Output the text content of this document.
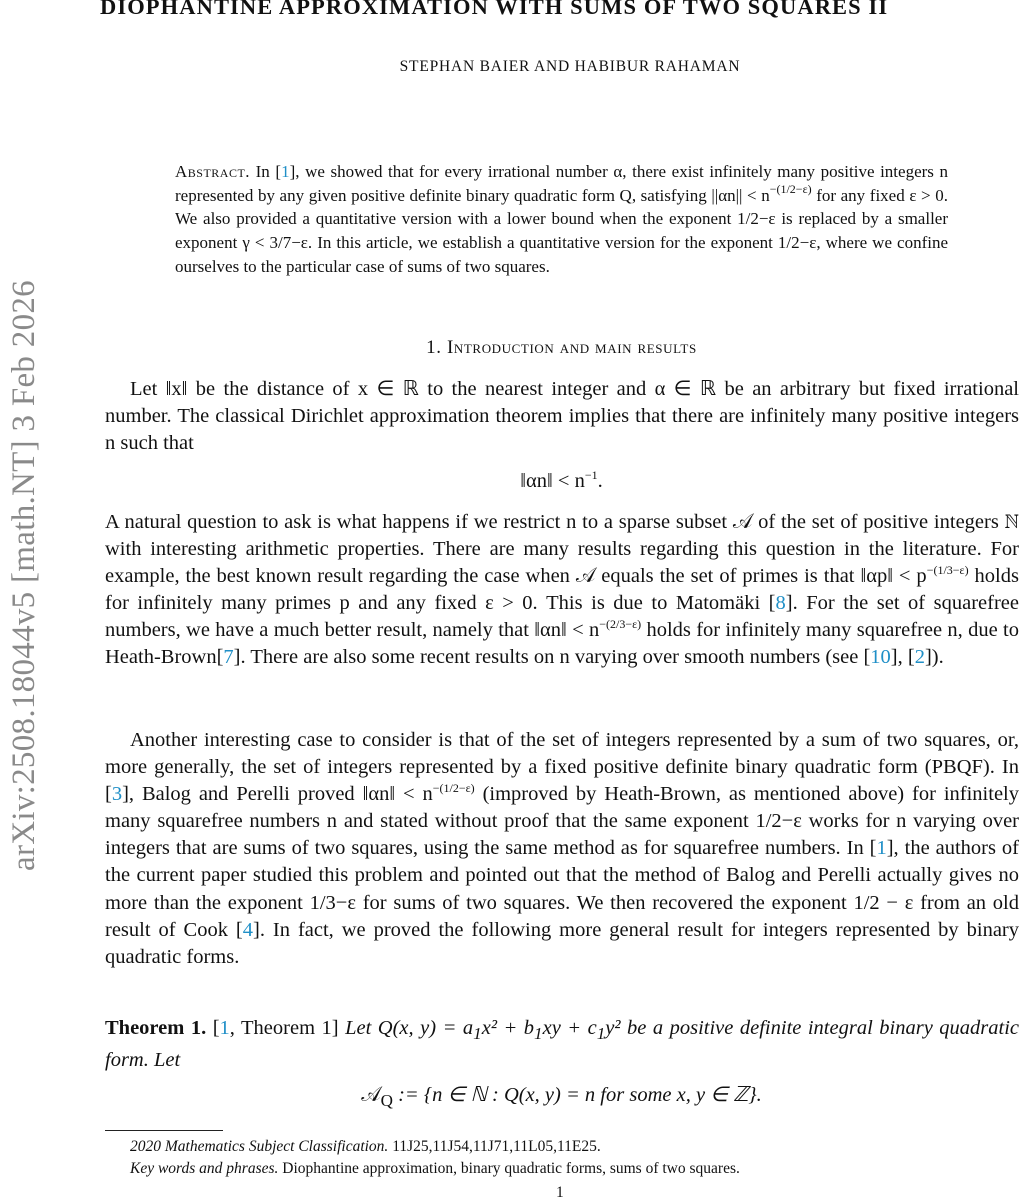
arXiv:2508.18044v5 [math.NT] 3 Feb 2026
DIOPHANTINE APPROXIMATION WITH SUMS OF TWO SQUARES II
STEPHAN BAIER AND HABIBUR RAHAMAN
Abstract. In [1], we showed that for every irrational number α, there exist infinitely many positive integers n represented by any given positive definite binary quadratic form Q, satisfying $||\alpha n|| < n^{-(1/2-\varepsilon)}$ for any fixed ε > 0. We also provided a quantitative version with a lower bound when the exponent 1/2−ε is replaced by a smaller exponent γ < 3/7−ε. In this article, we establish a quantitative version for the exponent 1/2−ε, where we confine ourselves to the particular case of sums of two squares.
1. Introduction and main results
Let ‖x‖ be the distance of x ∈ ℝ to the nearest integer and α ∈ ℝ be an arbitrary but fixed irrational number. The classical Dirichlet approximation theorem implies that there are infinitely many positive integers n such that
‖αn‖ < $n^{-1}$.
A natural question to ask is what happens if we restrict n to a sparse subset 𝒜 of the set of positive integers ℕ with interesting arithmetic properties. There are many results regarding this question in the literature. For example, the best known result regarding the case when 𝒜 equals the set of primes is that ‖αp‖ < $p^{-(1/3-\varepsilon)}$ holds for infinitely many primes p and any fixed ε > 0. This is due to Matomäki [8]. For the set of squarefree numbers, we have a much better result, namely that ‖αn‖ < $n^{-(2/3-\varepsilon)}$ holds for infinitely many squarefree n, due to Heath-Brown[7]. There are also some recent results on n varying over smooth numbers (see [10], [2]).
Another interesting case to consider is that of the set of integers represented by a sum of two squares, or, more generally, the set of integers represented by a fixed positive definite binary quadratic form (PBQF). In [3], Balog and Perelli proved ‖αn‖ < $n^{-(1/2-\varepsilon)}$ (improved by Heath-Brown, as mentioned above) for infinitely many squarefree numbers n and stated without proof that the same exponent 1/2−ε works for n varying over integers that are sums of two squares, using the same method as for squarefree numbers. In [1], the authors of the current paper studied this problem and pointed out that the method of Balog and Perelli actually gives no more than the exponent 1/3−ε for sums of two squares. We then recovered the exponent 1/2 − ε from an old result of Cook [4]. In fact, we proved the following more general result for integers represented by binary quadratic forms.
Theorem 1. [1, Theorem 1] Let Q(x, $y) = a_1x^2 + b_1xy + c_1y^2$ be a positive definite integral binary quadratic form. Let
𝒜$_Q$ := {n ∈ ℕ : Q(x, y) = n for some x, y ∈ ℤ}.
2020 Mathematics Subject Classification. 11J25,11J54,11J71,11L05,11E25.
Key words and phrases. Diophantine approximation, binary quadratic forms, sums of two squares.
1
